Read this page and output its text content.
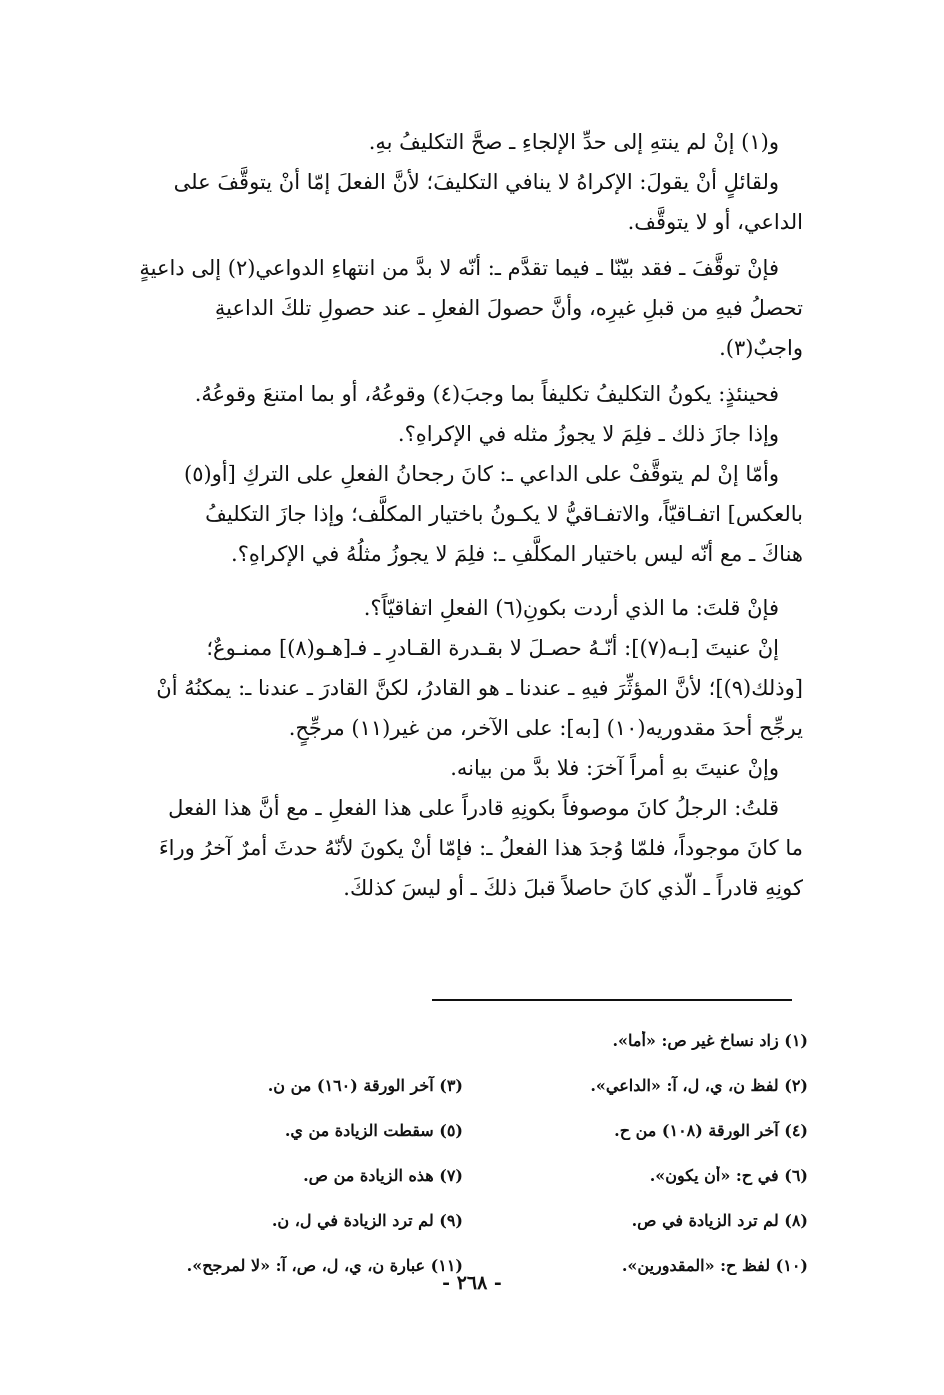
و(١) إنْ لم ينتهِ إلى حدِّ الإلجاءِ ـ صحَّ التكليفُ بهِ.
ولقائلٍ أنْ يقولَ: الإكراهُ لا ينافي التكليفَ؛ لأنَّ الفعلَ إمّا أنْ يتوقَّفَ على
الداعي، أو لا يتوقَّف.
فإنْ توقَّفَ ـ فقد بيّنّا ـ فيما تقدَّم ـ: أنّه لا بدَّ من انتهاءِ الدواعي(٢) إلى داعيةٍ
تحصلُ فيهِ من قبلِ غيرِه، وأنَّ حصولَ الفعلِ ـ عند حصولِ تلكَ الداعيةِ
واجبٌ(٣).
فحينئذٍ: يكونُ التكليفُ تكليفاً بما وجبَ(٤) وقوعُهُ، أو بما امتنعَ وقوعُهُ.
وإذا جازَ ذلك ـ فلِمَ لا يجوزُ مثله في الإكراهِ؟.
وأمّا إنْ لم يتوقَّفْ على الداعي ـ: كانَ رجحانُ الفعلِ على التركِ [أو(٥)
بالعكس] اتفـاقيّاً، والاتفـاقيُّ لا يكـونُ باختيار المكلَّف؛ وإذا جازَ التكليفُ
هناكَ ـ مع أنّه ليس باختيار المكلَّفِ ـ: فلِمَ لا يجوزُ مثلُهُ في الإكراهِ؟.
فإنْ قلتَ: ما الذي أردت بكونِ(٦) الفعلِ اتفاقيّاً؟.
إنْ عنيتَ [بـه(٧)]: أنّـهُ حصـلَ لا بقـدرة القـادرِ ـ فـ[هـو(٨)] ممنـوعٌ؛
[وذلك(٩)]؛ لأنَّ المؤثِّرَ فيهِ ـ عندنا ـ هو القادرُ، لكنَّ القادرَ ـ عندنا ـ: يمكنُهُ أنْ
يرجِّح أحدَ مقدوريه(١٠) [به]: على الآخر، من غير(١١) مرجِّحٍ.
وإنْ عنيتَ بهِ أمراً آخرَ: فلا بدَّ من بيانه.
قلتُ: الرجلُ كانَ موصوفاً بكونِهِ قادراً على هذا الفعلِ ـ مع أنَّ هذا الفعل
ما كانَ موجوداً، فلمّا وُجدَ هذا الفعلُ ـ: فإمّا أنْ يكونَ لأنّهُ حدثَ أمرٌ آخرُ وراءَ
كونِهِ قادراً ـ الّذي كانَ حاصلاً قبلَ ذلكَ ـ أو ليسَ كذلكَ.
(١) زاد نساخ غير ص: «أما».
(٢) لفظ ن، ي، ل، آ: «الداعي».
(٣) آخر الورقة (١٦٠) من ن.
(٤) آخر الورقة (١٠٨) من ح.
(٥) سقطت الزيادة من ي.
(٦) في ح: «أن يكون».
(٧) هذه الزيادة من ص.
(٨) لم ترد الزيادة في ص.
(٩) لم ترد الزيادة في ل، ن.
(١٠) لفظ ح: «المقدورين».
(١١) عبارة ن، ي، ل، ص، آ: «لا لمرجح».
- ٢٦٨ -
